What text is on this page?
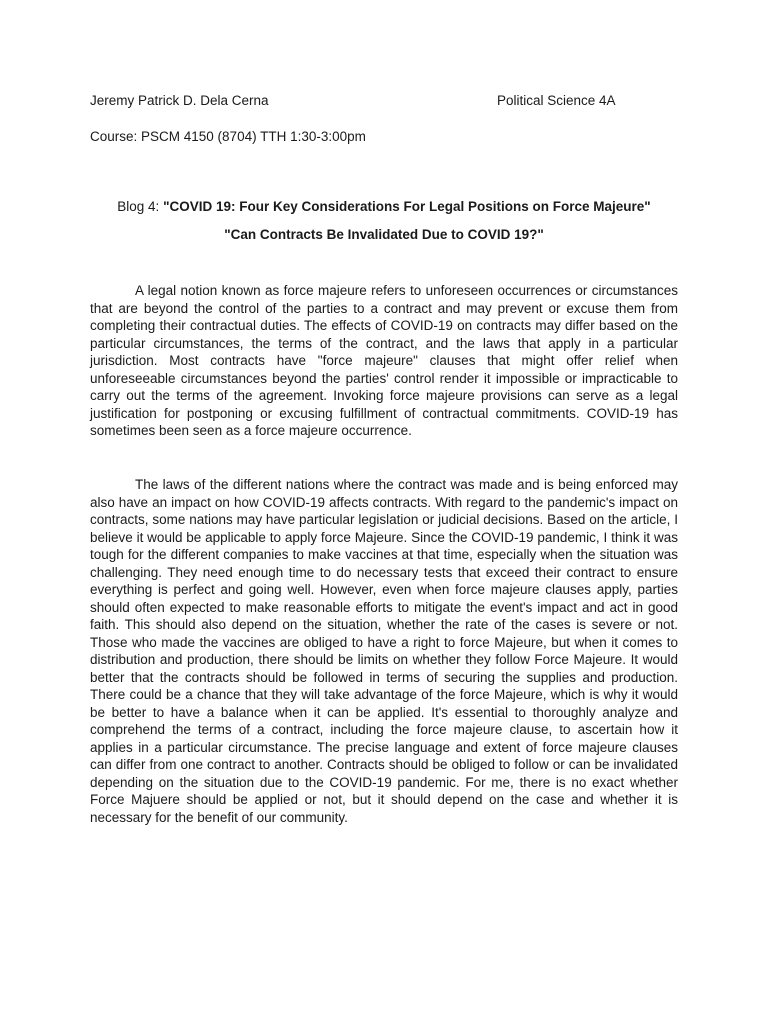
Jeremy Patrick D. Dela Cerna	Political Science 4A
Course: PSCM 4150 (8704) TTH 1:30-3:00pm
Blog 4: "COVID 19: Four Key Considerations For Legal Positions on Force Majeure"
"Can Contracts Be Invalidated Due to COVID 19?"

A legal notion known as force majeure refers to unforeseen occurrences or circumstances that are beyond the control of the parties to a contract and may prevent or excuse them from completing their contractual duties. The effects of COVID-19 on contracts may differ based on the particular circumstances, the terms of the contract, and the laws that apply in a particular jurisdiction. Most contracts have "force majeure" clauses that might offer relief when unforeseeable circumstances beyond the parties' control render it impossible or impracticable to carry out the terms of the agreement. Invoking force majeure provisions can serve as a legal justification for postponing or excusing fulfillment of contractual commitments. COVID-19 has sometimes been seen as a force majeure occurrence.

The laws of the different nations where the contract was made and is being enforced may also have an impact on how COVID-19 affects contracts. With regard to the pandemic's impact on contracts, some nations may have particular legislation or judicial decisions. Based on the article, I believe it would be applicable to apply force Majeure. Since the COVID-19 pandemic, I think it was tough for the different companies to make vaccines at that time, especially when the situation was challenging. They need enough time to do necessary tests that exceed their contract to ensure everything is perfect and going well. However, even when force majeure clauses apply, parties should often expected to make reasonable efforts to mitigate the event's impact and act in good faith. This should also depend on the situation, whether the rate of the cases is severe or not. Those who made the vaccines are obliged to have a right to force Majeure, but when it comes to distribution and production, there should be limits on whether they follow Force Majeure. It would better that the contracts should be followed in terms of securing the supplies and production. There could be a chance that they will take advantage of the force Majeure, which is why it would be better to have a balance when it can be applied. It's essential to thoroughly analyze and comprehend the terms of a contract, including the force majeure clause, to ascertain how it applies in a particular circumstance. The precise language and extent of force majeure clauses can differ from one contract to another. Contracts should be obliged to follow or can be invalidated depending on the situation due to the COVID-19 pandemic. For me, there is no exact whether Force Majuere should be applied or not, but it should depend on the case and whether it is necessary for the benefit of our community.
